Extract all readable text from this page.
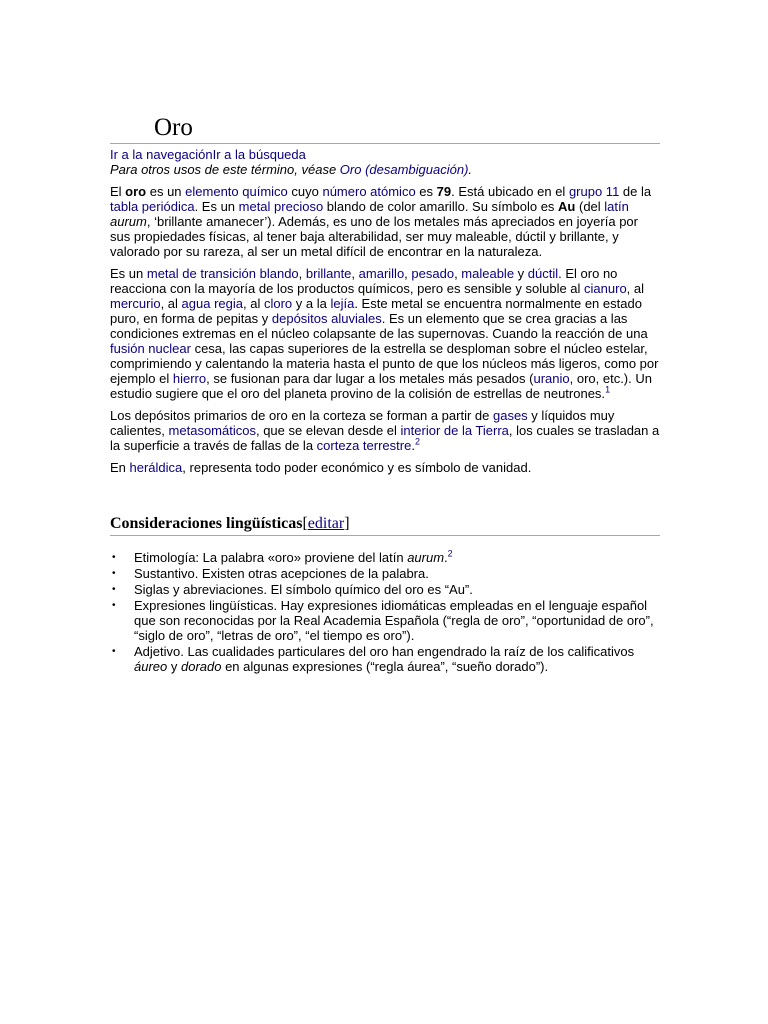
Oro
Ir a la navegaciónIr a la búsqueda

Para otros usos de este término, véase Oro (desambiguación).

El oro es un elemento químico cuyo número atómico es 79. Está ubicado en el grupo 11 de la tabla periódica. Es un metal precioso blando de color amarillo. Su símbolo es Au (del latín aurum, ‘brillante amanecer’). Además, es uno de los metales más apreciados en joyería por sus propiedades físicas, al tener baja alterabilidad, ser muy maleable, dúctil y brillante, y valorado por su rareza, al ser un metal difícil de encontrar en la naturaleza.

Es un metal de transición blando, brillante, amarillo, pesado, maleable y dúctil. El oro no reacciona con la mayoría de los productos químicos, pero es sensible y soluble al cianuro, al mercurio, al agua regia, al cloro y a la lejía. Este metal se encuentra normalmente en estado puro, en forma de pepitas y depósitos aluviales. Es un elemento que se crea gracias a las condiciones extremas en el núcleo colapsante de las supernovas. Cuando la reacción de una fusión nuclear cesa, las capas superiores de la estrella se desploman sobre el núcleo estelar, comprimiendo y calentando la materia hasta el punto de que los núcleos más ligeros, como por ejemplo el hierro, se fusionan para dar lugar a los metales más pesados (uranio, oro, etc.). Un estudio sugiere que el oro del planeta provino de la colisión de estrellas de neutrones.$^1$

Los depósitos primarios de oro en la corteza se forman a partir de gases y líquidos muy calientes, metasomáticos, que se elevan desde el interior de la Tierra, los cuales se trasladan a la superficie a través de fallas de la corteza terrestre.$^2$

En heráldica, representa todo poder económico y es símbolo de vanidad.

Consideraciones lingüísticas[editar]
• Etimología: La palabra «oro» proviene del latín aurum.$^2$
• Sustantivo. Existen otras acepciones de la palabra.
• Siglas y abreviaciones. El símbolo químico del oro es “Au”.
• Expresiones lingüísticas. Hay expresiones idiomáticas empleadas en el lenguaje español que son reconocidas por la Real Academia Española (“regla de oro”, “oportunidad de oro”, “siglo de oro”, “letras de oro”, “el tiempo es oro”).
• Adjetivo. Las cualidades particulares del oro han engendrado la raíz de los calificativos áureo y dorado en algunas expresiones (“regla áurea”, “sueño dorado”).
